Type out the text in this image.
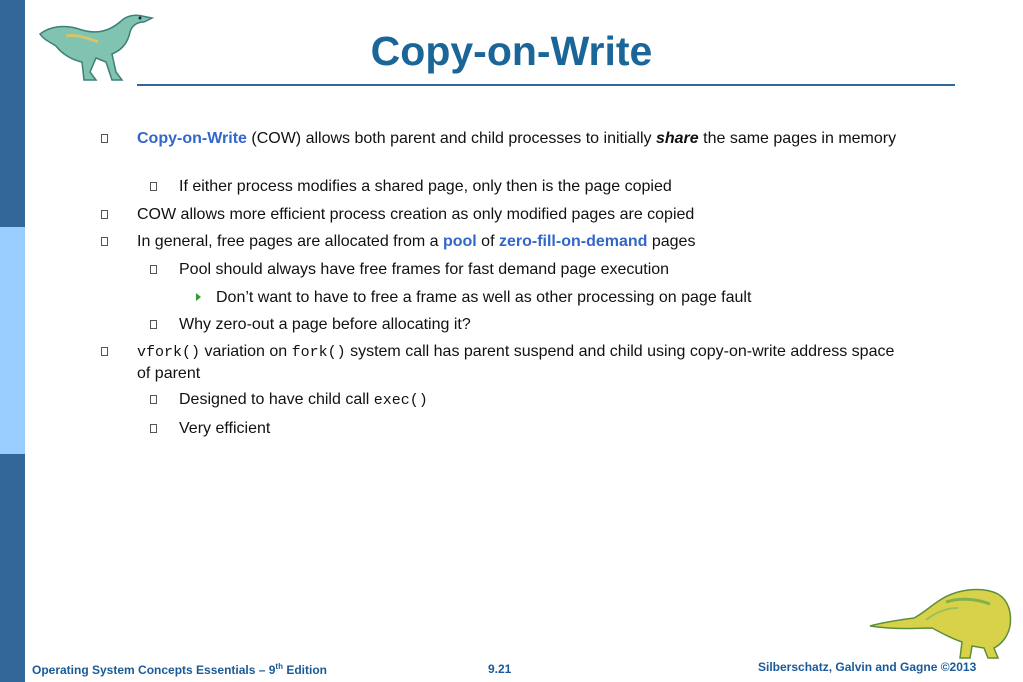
Copy-on-Write
Copy-on-Write (COW) allows both parent and child processes to initially share the same pages in memory
If either process modifies a shared page, only then is the page copied
COW allows more efficient process creation as only modified pages are copied
In general, free pages are allocated from a pool of zero-fill-on-demand pages
Pool should always have free frames for fast demand page execution
Don’t want to have to free a frame as well as other processing on page fault
Why zero-out a page before allocating it?
vfork() variation on fork() system call has parent suspend and child using copy-on-write address space of parent
Designed to have child call exec()
Very efficient
Operating System Concepts Essentials – 9th Edition	9.21	Silberschatz, Galvin and Gagne ©2013
